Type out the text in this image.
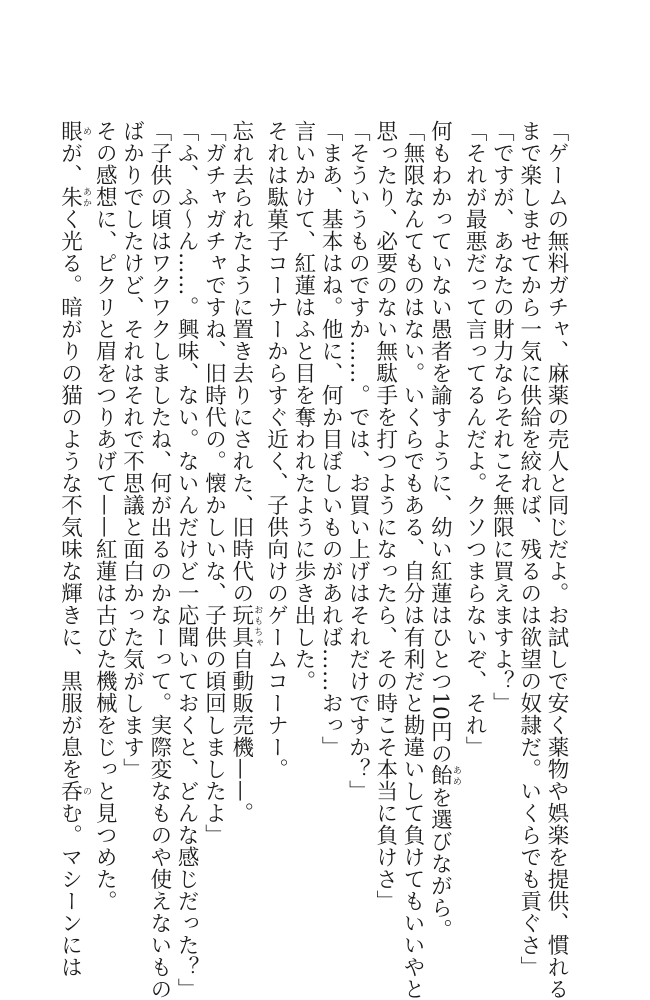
「ゲームの無料ガチャ、麻薬の売人と同じだよ。お試しで安く薬物や娯楽を提供、慣れる

まで楽しませてから一気に供給を絞れば、残るのは欲望の奴隷だ。いくらでも貢ぐさ」

「ですが、あなたの財力ならそれこそ無限に買えますよ？」

「それが最悪だって言ってるんだよ。クソつまらないぞ、それ」

何もわかっていない愚者を諭すように、幼い紅蓮はひとつ10円の飴あめを選びながら。

「無限なんてものはない。いくらでもある、自分は有利だと勘違いして負けてもいいやと

思ったり、必要のない無駄手を打つようになったら、その時こそ本当に負けさ」

「そういうものですか……。では、お買い上げはそれだけですか？」

「まあ、基本はね。他に、何か目ぼしいものがあれば……おっ」

言いかけて、紅蓮はふと目を奪われたように歩き出した。

それは駄菓子コーナーからすぐ近く、子供向けのゲームコーナー。

忘れ去られたように置き去りにされた、旧時代の玩具おもちゃ自動販売機——。

「ガチャガチャですね、旧時代の。懐かしいな、子供の頃回しましたよ」

「ふ、ふ〜ん……。興味、ない。ないんだけど一応聞いておくと、どんな感じだった？」

「子供の頃はワクワクしましたね、何が出るのかなーって。実際変なものや使えないもの

ばかりでしたけど、それはそれで不思議と面白かった気がします」

その感想に、ピクリと眉をつりあげて——紅蓮は古びた機械をじっと見つめた。

眼めが、朱あかく光る。暗がりの猫のような不気味な輝きに、黒服が息を呑のむ。マシーンには
